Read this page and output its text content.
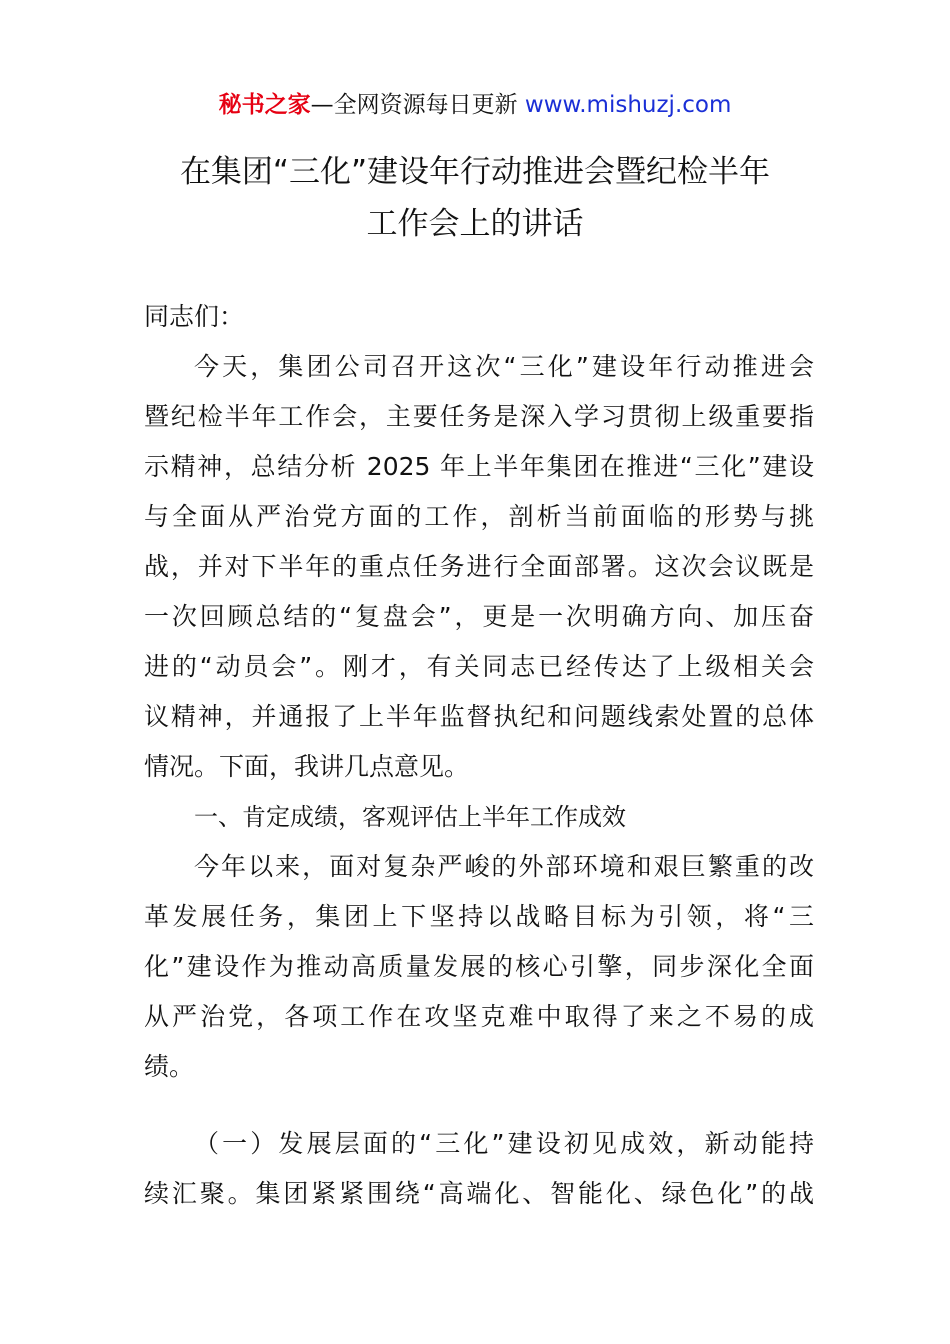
秘书之家—全网资源每日更新 www.mishuzj.com
在集团“三化”建设年行动推进会暨纪检半年
工作会上的讲话
同志们：
今天，集团公司召开这次“三化”建设年行动推进会
暨纪检半年工作会，主要任务是深入学习贯彻上级重要指
示精神，总结分析 2025 年上半年集团在推进“三化”建设
与全面从严治党方面的工作，剖析当前面临的形势与挑
战，并对下半年的重点任务进行全面部署。这次会议既是
一次回顾总结的“复盘会”，更是一次明确方向、加压奋
进的“动员会”。刚才，有关同志已经传达了上级相关会
议精神，并通报了上半年监督执纪和问题线索处置的总体
情况。下面，我讲几点意见。
一、肯定成绩，客观评估上半年工作成效
今年以来，面对复杂严峻的外部环境和艰巨繁重的改
革发展任务，集团上下坚持以战略目标为引领，将“三
化”建设作为推动高质量发展的核心引擎，同步深化全面
从严治党，各项工作在攻坚克难中取得了来之不易的成
绩。
（一）发展层面的“三化”建设初见成效，新动能持
续汇聚。集团紧紧围绕“高端化、智能化、绿色化”的战
